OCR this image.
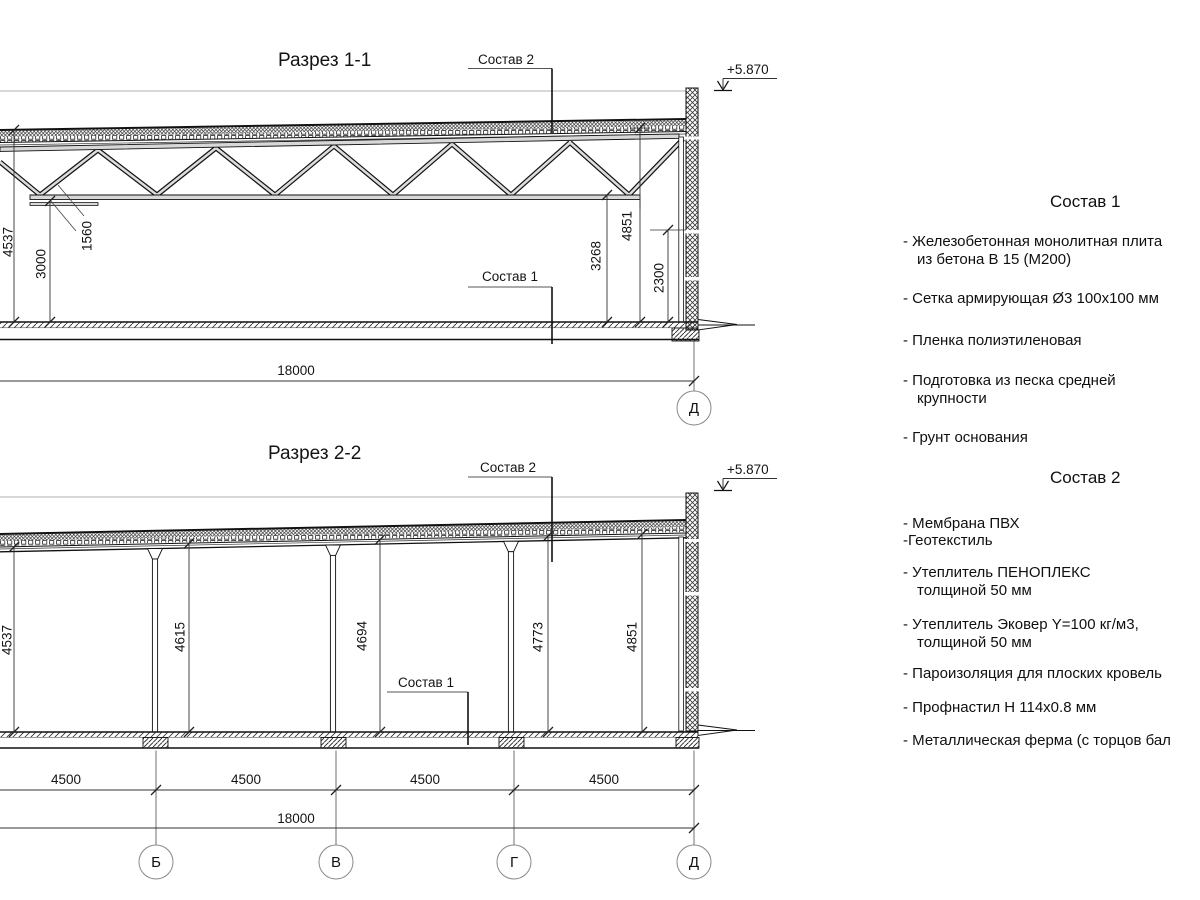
Разрез 1-1	Состав 2
Состав 1
+5.870
4537
3000
1560
3268
4851
2300
18000
Д
Разрез 2-2
Состав 2
Состав 1
+5.870
4537	4615	4694	4773	4851
4500	4500	4500	4500
18000
Б	В	Г	Д
Состав 1
- Железобетонная монолитная плита
из бетона В 15 (М200)
- Сетка армирующая Ø3 100х100 мм
- Пленка полиэтиленовая
- Подготовка из песка средней
крупности
- Грунт основания
Состав 2
- Мембрана ПВХ
-Геотекстиль
- Утеплитель ПЕНОПЛЕКС
толщиной 50 мм
- Утеплитель Эковер Y=100 кг/м3,
толщиной 50 мм
- Пароизоляция для плоских кровель
- Профнастил Н 114х0.8 мм
- Металлическая ферма (с торцов бал
